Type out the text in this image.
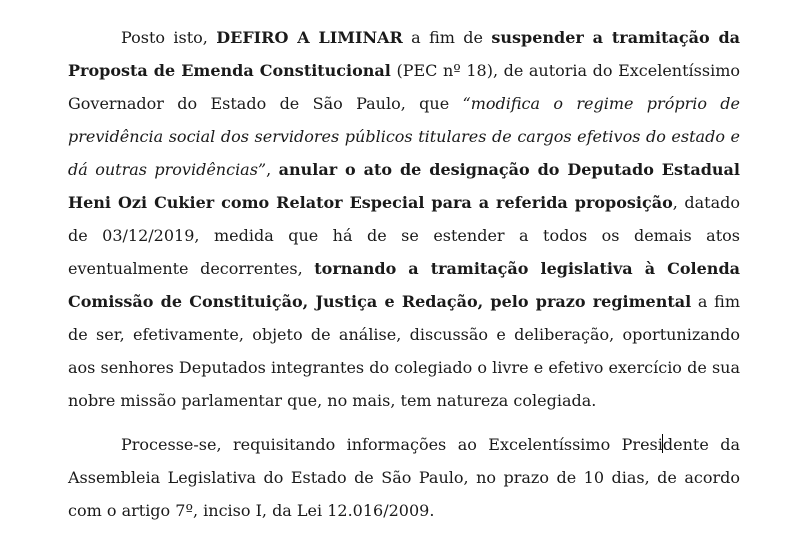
Posto isto, DEFIRO A LIMINAR a fim de suspender a tramitação da Proposta de Emenda Constitucional (PEC nº 18), de autoria do Excelentíssimo Governador do Estado de São Paulo, que “modifica o regime próprio de previdência social dos servidores públicos titulares de cargos efetivos do estado e dá outras providências”, anular o ato de designação do Deputado Estadual Heni Ozi Cukier como Relator Especial para a referida proposição, datado de 03/12/2019, medida que há de se estender a todos os demais atos eventualmente decorrentes, tornando a tramitação legislativa à Colenda Comissão de Constituição, Justiça e Redação, pelo prazo regimental a fim de ser, efetivamente, objeto de análise, discussão e deliberação, oportunizando aos senhores Deputados integrantes do colegiado o livre e efetivo exercício de sua nobre missão parlamentar que, no mais, tem natureza colegiada.

Processe-se, requisitando informações ao Excelentíssimo Presidente da Assembleia Legislativa do Estado de São Paulo, no prazo de 10 dias, de acordo com o artigo 7º, inciso I, da Lei 12.016/2009.
